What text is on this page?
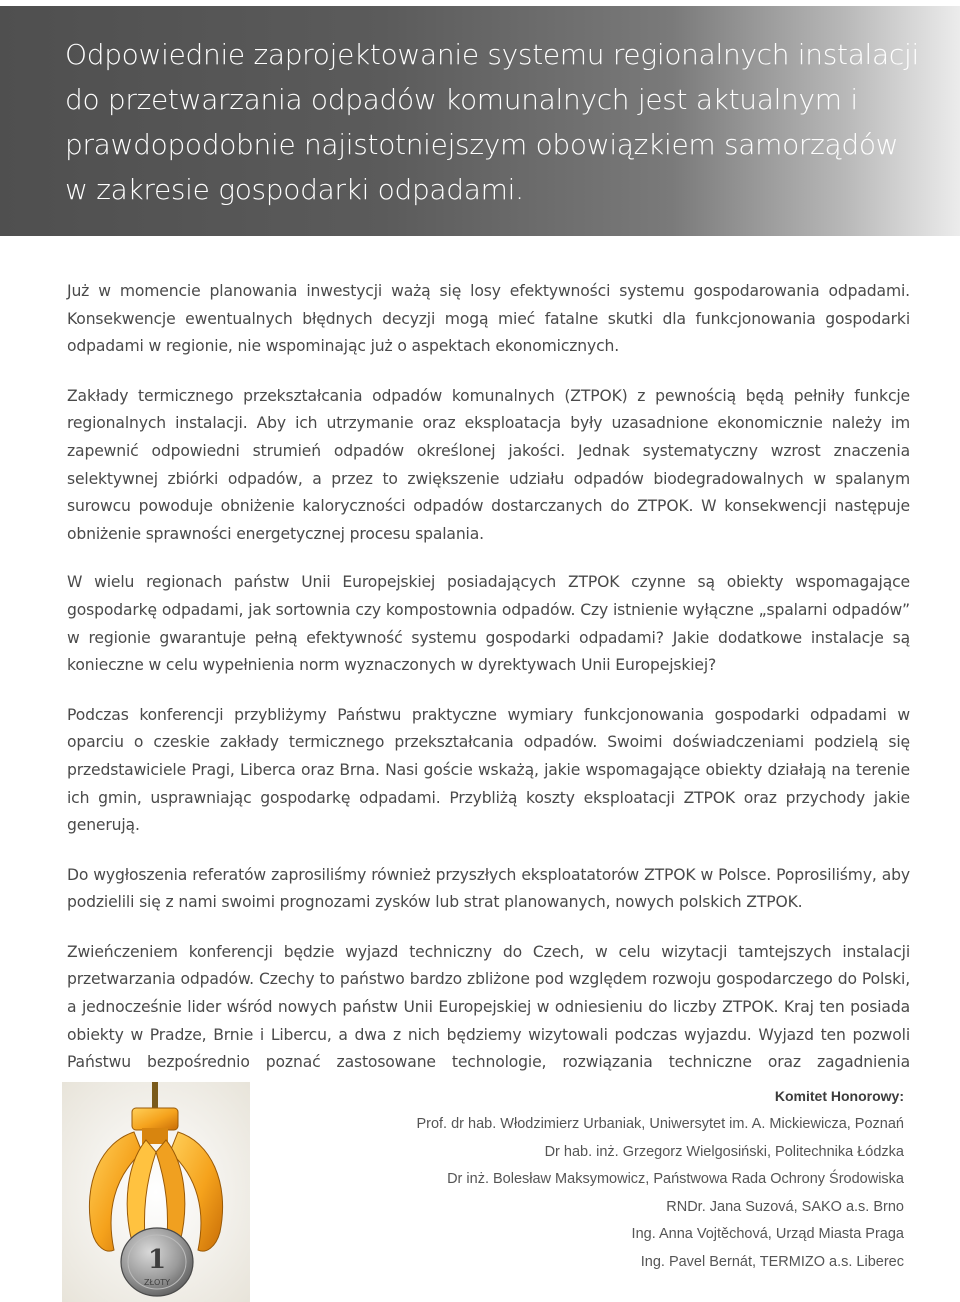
Odpowiednie zaprojektowanie systemu regionalnych instalacji do przetwarzania odpadów komunalnych jest aktualnym i prawdopodobnie najistotniejszym obowiązkiem samorządów w zakresie gospodarki odpadami.

Już w momencie planowania inwestycji ważą się losy efektywności systemu gospodarowania odpadami. Konsekwencje ewentualnych błędnych decyzji mogą mieć fatalne skutki dla funkcjonowania gospodarki odpadami w regionie, nie wspominając już o aspektach ekonomicznych.

Zakłady termicznego przekształcania odpadów komunalnych (ZTPOK) z pewnością będą pełniły funkcje regionalnych instalacji. Aby ich utrzymanie oraz eksploatacja były uzasadnione ekonomicznie należy im zapewnić odpowiedni strumień odpadów określonej jakości. Jednak systematyczny wzrost znaczenia selektywnej zbiórki odpadów, a przez to zwiększenie udziału odpadów biodegradowalnych w spalanym surowcu powoduje obniżenie kaloryczności odpadów dostarczanych do ZTPOK. W konsekwencji następuje obniżenie sprawności energetycznej procesu spalania.

W wielu regionach państw Unii Europejskiej posiadających ZTPOK czynne są obiekty wspomagające gospodarkę odpadami, jak sortownia czy kompostownia odpadów. Czy istnienie wyłączne „spalarni odpadów” w regionie gwarantuje pełną efektywność systemu gospodarki odpadami? Jakie dodatkowe instalacje są konieczne w celu wypełnienia norm wyznaczonych w dyrektywach Unii Europejskiej?

Podczas konferencji przybliżymy Państwu praktyczne wymiary funkcjonowania gospodarki odpadami w oparciu o czeskie zakłady termicznego przekształcania odpadów. Swoimi doświadczeniami podzielą się przedstawiciele Pragi, Liberca oraz Brna. Nasi goście wskażą, jakie wspomagające obiekty działają na terenie ich gmin, usprawniając gospodarkę odpadami. Przybliżą koszty eksploatacji ZTPOK oraz przychody jakie generują.

Do wygłoszenia referatów zaprosiliśmy również przyszłych eksploatatorów ZTPOK w Polsce. Poprosiliśmy, aby podzielili się z nami swoimi prognozami zysków lub strat planowanych, nowych polskich ZTPOK.

Zwieńczeniem konferencji będzie wyjazd techniczny do Czech, w celu wizytacji tamtejszych instalacji przetwarzania odpadów. Czechy to państwo bardzo zbliżone pod względem rozwoju gospodarczego do Polski, a jednocześnie lider wśród nowych państw Unii Europejskiej w odniesieniu do liczby ZTPOK. Kraj ten posiada obiekty w Pradze, Brnie i Libercu, a dwa z nich będziemy wizytowali podczas wyjazdu. Wyjazd ten pozwoli Państwu bezpośrednio poznać zastosowane technologie, rozwiązania techniczne oraz zagadnienia

1
ZŁOTY
Komitet Honorowy:
Prof. dr hab. Włodzimierz Urbaniak, Uniwersytet im. A. Mickiewicza, Poznań
Dr hab. inż. Grzegorz Wielgosiński, Politechnika Łódzka
Dr inż. Bolesław Maksymowicz, Państwowa Rada Ochrony Środowiska
RNDr. Jana Suzová, SAKO a.s. Brno
Ing. Anna Vojtěchová, Urząd Miasta Praga
Ing. Pavel Bernát, TERMIZO a.s. Liberec
